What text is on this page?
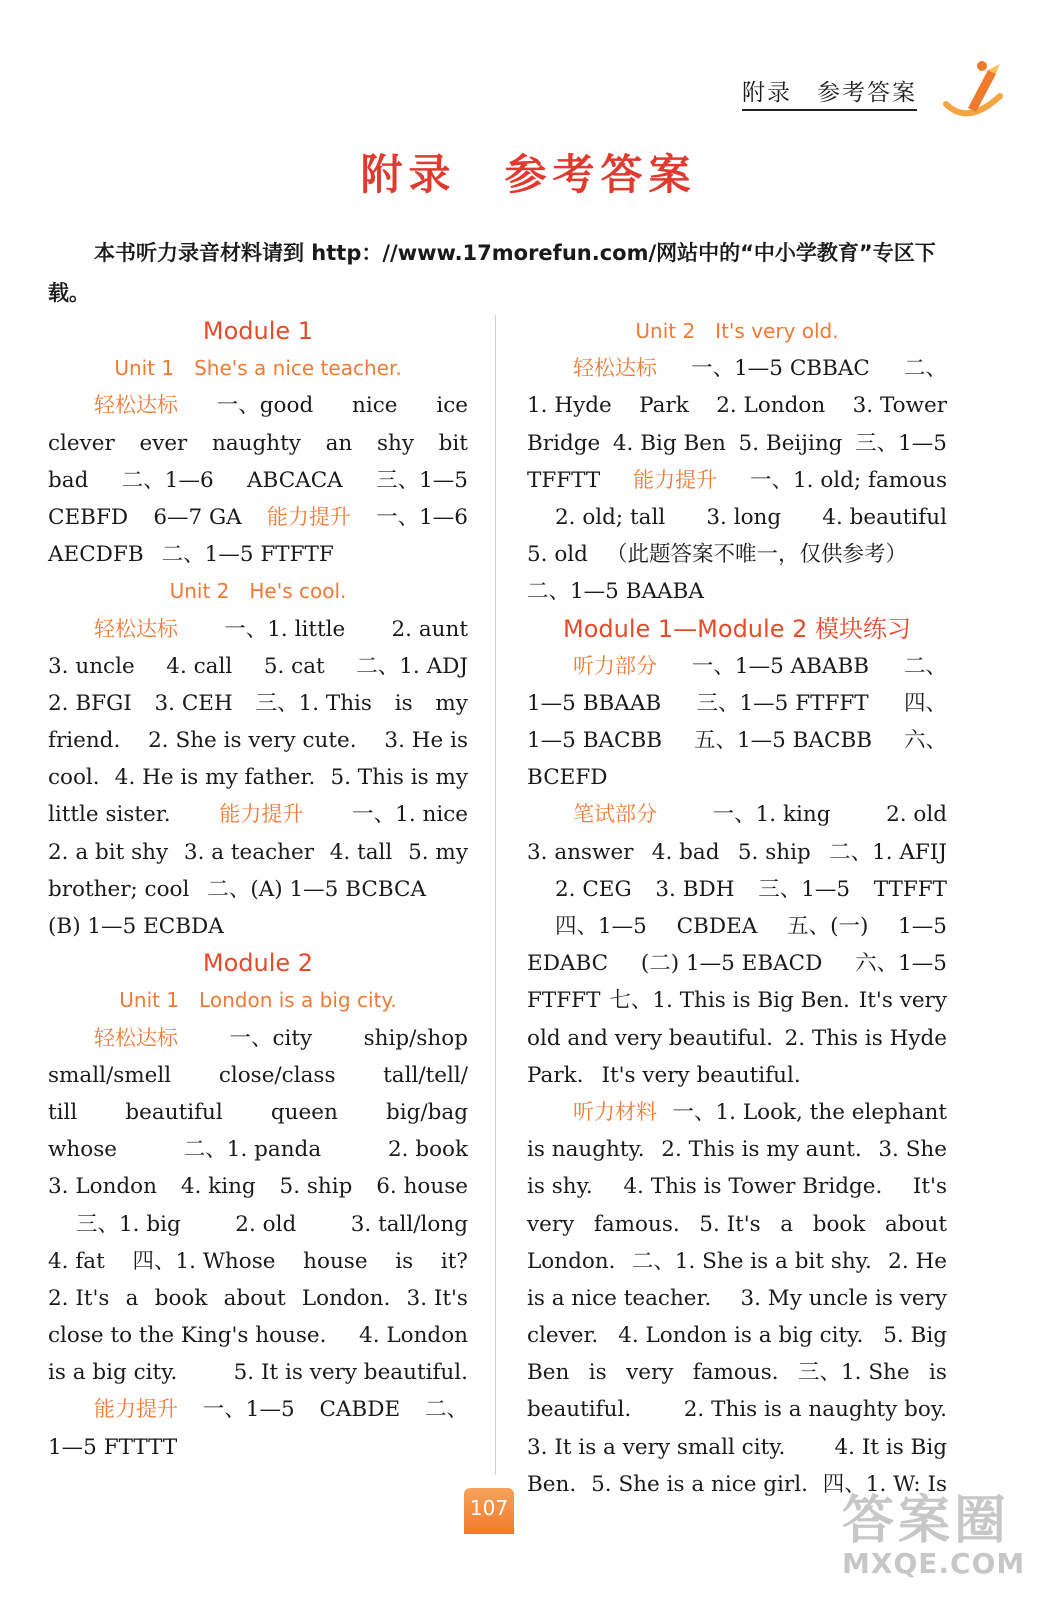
附录　参考答案
附录　参考答案
本书听力录音材料请到 http：//www.17morefun.com/网站中的“中小学教育”专区下载。
Module 1
Unit 1　She's a nice teacher.
轻松达标 一、good nice ice
clever ever naughty an shy bit
bad 二、1—6 ABCACA 三、1—5
CEBFD 6—7 GA 能力提升 一、1—6
AECDFB 二、1—5 FTFTF
Unit 2　He's cool.
轻松达标 一、1. little 2. aunt
3. uncle 4. call 5. cat 二、1. ADJ
2. BFGI 3. CEH 三、1. This is my
friend. 2. She is very cute. 3. He is
cool. 4. He is my father. 5. This is my
little sister. 能力提升 一、1. nice
2. a bit shy 3. a teacher 4. tall 5. my
brother; cool 二、(A) 1—5 BCBCA
(B) 1—5 ECBDA
Module 2
Unit 1　London is a big city.
轻松达标 一、city ship/shop
small/smell close/class tall/tell/
till beautiful queen big/bag
whose	二、1. panda	2. book
3. London 4. king 5. ship 6. house
三、1. big	2. old	3. tall/long
4. fat 四、1. Whose house is it?
2. It's a book about London. 3. It's
close to the King's house. 4. London
is a big city.	5. It is very beautiful.
能力提升 一、1—5 CABDE 二、
1—5 FTTTT
Unit 2　It's very old.
轻松达标 一、1—5 CBBAC 二、
1. Hyde Park 2. London 3. Tower
Bridge 4. Big Ben 5. Beijing 三、1—5
TFFTT 能力提升 一、1. old; famous
2. old; tall 3. long 4. beautiful
5. old （此题答案不唯一，仅供参考）
二、1—5 BAABA
Module 1—Module 2 模块练习
听力部分 一、1—5 ABABB 二、
1—5 BBAAB 三、1—5 FTFFT 四、
1—5 BACBB 五、1—5 BACBB 六、
BCEFD
笔试部分	一、1. king	2. old
3. answer 4. bad 5. ship 二、1. AFIJ
2. CEG 3. BDH 三、1—5 TTFFT
四、1—5 CBDEA 五、(一) 1—5
EDABC (二) 1—5 EBACD 六、1—5
FTFFT 七、1. This is Big Ben. It's very
old and very beautiful. 2. This is Hyde
Park. It's very beautiful.
听力材料 一、1. Look, the elephant
is naughty. 2. This is my aunt. 3. She
is shy. 4. This is Tower Bridge. It's
very famous. 5. It's a book about
London. 二、1. She is a bit shy. 2. He
is a nice teacher. 3. My uncle is very
clever. 4. London is a big city. 5. Big
Ben is very famous. 三、1. She is
beautiful. 2. This is a naughty boy.
3. It is a very small city. 4. It is Big
Ben. 5. She is a nice girl. 四、1. W: Is
107	答案圈
MXQE.COM
